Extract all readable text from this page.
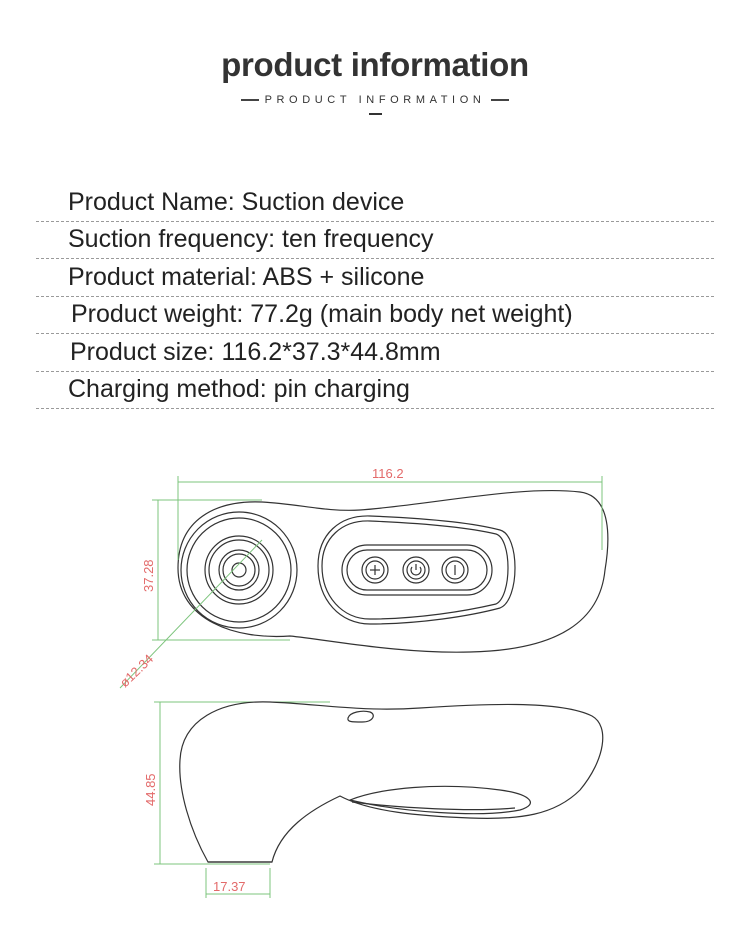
product information
PRODUCT INFORMATION
Product Name: Suction device
Suction frequency: ten frequency
Product material: ABS + silicone
Product weight: 77.2g (main body net weight)
Product size: 116.2*37.3*44.8mm
Charging method: pin charging
116.2
37.28
ø12.34
44.85
17.37
